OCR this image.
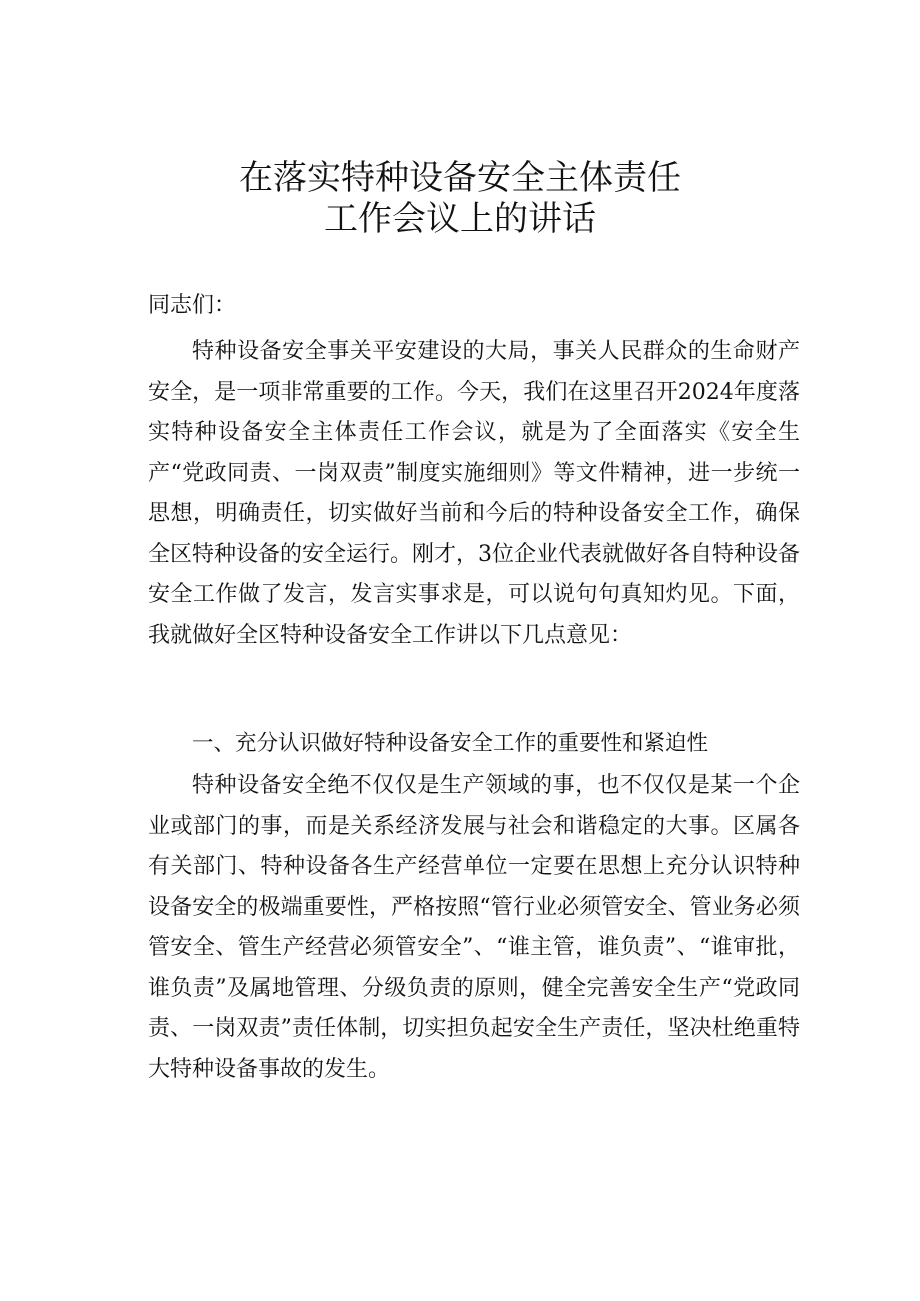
在落实特种设备安全主体责任
工作会议上的讲话

同志们：

特种设备安全事关平安建设的大局，事关人民群众的生命财产安全，是一项非常重要的工作。今天，我们在这里召开2024年度落实特种设备安全主体责任工作会议，就是为了全面落实《安全生产“党政同责、一岗双责”制度实施细则》等文件精神，进一步统一思想，明确责任，切实做好当前和今后的特种设备安全工作，确保全区特种设备的安全运行。刚才，3位企业代表就做好各自特种设备安全工作做了发言，发言实事求是，可以说句句真知灼见。下面，我就做好全区特种设备安全工作讲以下几点意见：

一、充分认识做好特种设备安全工作的重要性和紧迫性

特种设备安全绝不仅仅是生产领域的事，也不仅仅是某一个企业或部门的事，而是关系经济发展与社会和谐稳定的大事。区属各有关部门、特种设备各生产经营单位一定要在思想上充分认识特种设备安全的极端重要性，严格按照“管行业必须管安全、管业务必须管安全、管生产经营必须管安全”、“谁主管，谁负责”、“谁审批，谁负责”及属地管理、分级负责的原则，健全完善安全生产“党政同责、一岗双责”责任体制，切实担负起安全生产责任，坚决杜绝重特大特种设备事故的发生。
